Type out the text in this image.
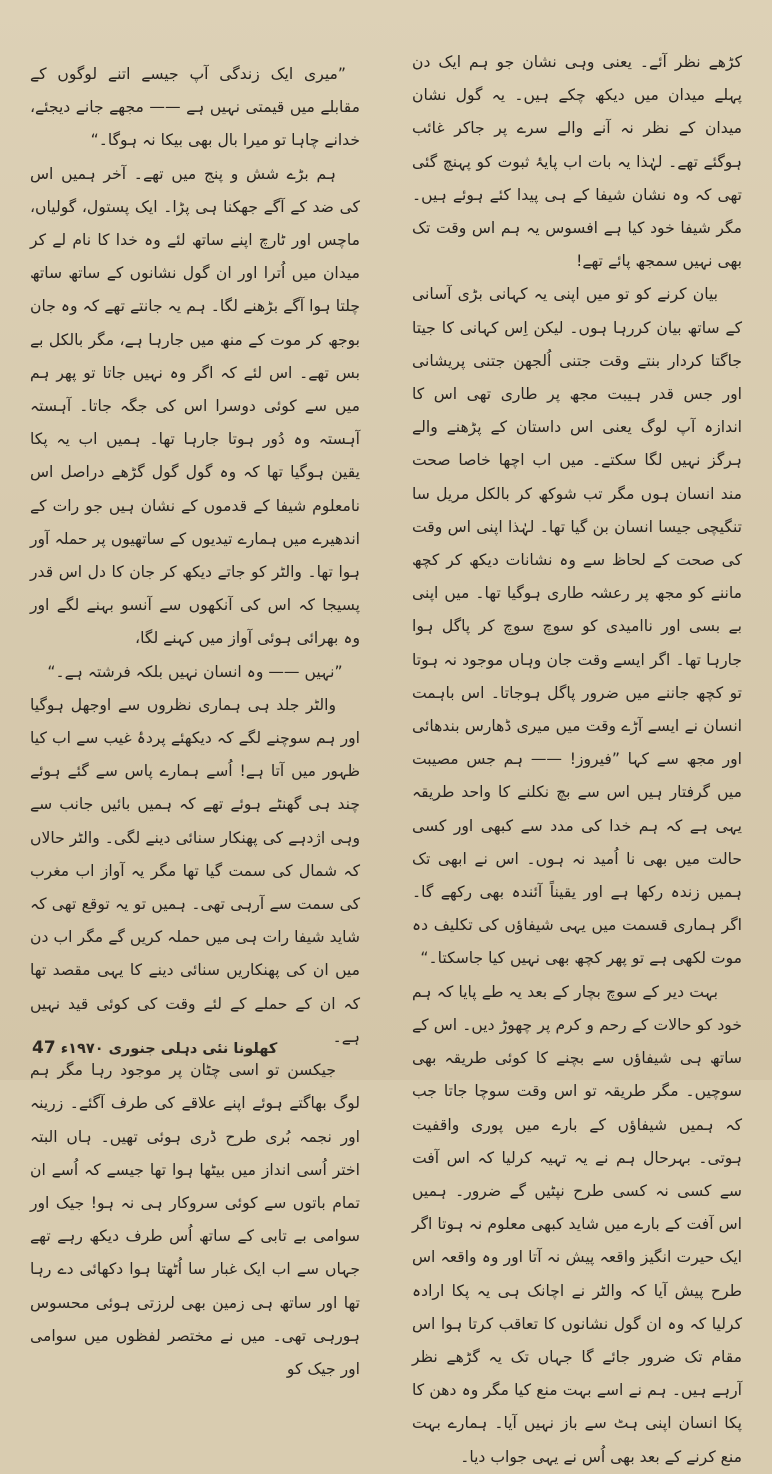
کڑھے نظر آئے۔ یعنی وہی نشان جو ہم ایک دن پہلے میدان میں دیکھ چکے ہیں۔ یہ گول نشان میدان کے نظر نہ آنے والے سرے پر جاکر غائب ہوگئے تھے۔ لہٰذا یہ بات اب پایۂ ثبوت کو پہنچ گئی تھی کہ وہ نشان شیفا کے ہی پیدا کئے ہوئے ہیں۔ مگر شیفا خود کیا ہے افسوس یہ ہم اس وقت تک بھی نہیں سمجھ پائے تھے!

بیان کرنے کو تو میں اپنی یہ کہانی بڑی آسانی کے ساتھ بیان کررہا ہوں۔ لیکن اِس کہانی کا جیتا جاگتا کردار بنتے وقت جتنی اُلجھن جتنی پریشانی اور جس قدر ہیبت مجھ پر طاری تھی اس کا اندازہ آپ لوگ یعنی اس داستان کے پڑھنے والے ہرگز نہیں لگا سکتے۔ میں اب اچھا خاصا صحت مند انسان ہوں مگر تب شوکھ کر بالکل مریل سا تنگیچی جیسا انسان بن گیا تھا۔ لہٰذا اپنی اس وقت کی صحت کے لحاظ سے وہ نشانات دیکھ کر کچھ ماننے کو مجھ پر رعشہ طاری ہوگیا تھا۔ میں اپنی بے بسی اور ناامیدی کو سوچ سوچ کر پاگل ہوا جارہا تھا۔ اگر ایسے وقت جان وہاں موجود نہ ہوتا تو کچھ جاننے میں ضرور پاگل ہوجاتا۔ اس باہمت انسان نے ایسے آڑے وقت میں میری ڈھارس بندھائی اور مجھ سے کہا ”فیروز! —— ہم جس مصیبت میں گرفتار ہیں اس سے بچ نکلنے کا واحد طریقہ یہی ہے کہ ہم خدا کی مدد سے کبھی اور کسی حالت میں بھی نا اُمید نہ ہوں۔ اس نے ابھی تک ہمیں زندہ رکھا ہے اور یقیناً آئندہ بھی رکھے گا۔ اگر ہماری قسمت میں یہی شیفاؤں کی تکلیف دہ موت لکھی ہے تو پھر کچھ بھی نہیں کیا جاسکتا۔“

بہت دیر کے سوچ بچار کے بعد یہ طے پایا کہ ہم خود کو حالات کے رحم و کرم پر چھوڑ دیں۔ اس کے ساتھ ہی شیفاؤں سے بچنے کا کوئی طریقہ بھی سوچیں۔ مگر طریقہ تو اس وقت سوچا جاتا جب کہ ہمیں شیفاؤں کے بارے میں پوری واقفیت ہوتی۔ بہرحال ہم نے یہ تہیہ کرلیا کہ اس آفت سے کسی نہ کسی طرح نپٹیں گے ضرور۔ ہمیں اس آفت کے بارے میں شاید کبھی معلوم نہ ہوتا اگر ایک حیرت انگیز واقعہ پیش نہ آتا اور وہ واقعہ اس طرح پیش آیا کہ والٹر نے اچانک ہی یہ پکا ارادہ کرلیا کہ وہ ان گول نشانوں کا تعاقب کرتا ہوا اس مقام تک ضرور جائے گا جہاں تک یہ گڑھے نظر آرہے ہیں۔ ہم نے اسے بہت منع کیا مگر وہ دھن کا پکا انسان اپنی ہٹ سے باز نہیں آیا۔ ہمارے بہت منع کرنے کے بعد بھی اُس نے یہی جواب دیا۔

”میری ایک زندگی آپ جیسے اتنے لوگوں کے مقابلے میں قیمتی نہیں ہے —— مجھے جانے دیجئے، خدانے چاہا تو میرا بال بھی بیکا نہ ہوگا۔“

ہم بڑے شش و پنج میں تھے۔ آخر ہمیں اس کی ضد کے آگے جھکنا ہی پڑا۔ ایک پستول، گولیاں، ماچس اور ٹارچ اپنے ساتھ لئے وہ خدا کا نام لے کر میدان میں اُترا اور ان گول نشانوں کے ساتھ ساتھ چلتا ہوا آگے بڑھنے لگا۔ ہم یہ جانتے تھے کہ وہ جان بوجھ کر موت کے منھ میں جارہا ہے، مگر بالکل بے بس تھے۔ اس لئے کہ اگر وہ نہیں جاتا تو پھر ہم میں سے کوئی دوسرا اس کی جگہ جاتا۔ آہستہ آہستہ وہ دُور ہوتا جارہا تھا۔ ہمیں اب یہ پکا یقین ہوگیا تھا کہ وہ گول گول گڑھے دراصل اس نامعلوم شیفا کے قدموں کے نشان ہیں جو رات کے اندھیرے میں ہمارے تیدیوں کے ساتھیوں پر حملہ آور ہوا تھا۔ والٹر کو جاتے دیکھ کر جان کا دل اس قدر پسیجا کہ اس کی آنکھوں سے آنسو بہنے لگے اور وہ بھرائی ہوئی آواز میں کہنے لگا،

”نہیں —— وہ انسان نہیں بلکہ فرشتہ ہے۔“

والٹر جلد ہی ہماری نظروں سے اوجھل ہوگیا اور ہم سوچنے لگے کہ دیکھئے پردۂ غیب سے اب کیا ظہور میں آتا ہے! اُسے ہمارے پاس سے گئے ہوئے چند ہی گھنٹے ہوئے تھے کہ ہمیں بائیں جانب سے وہی اژدہے کی پھنکار سنائی دینے لگی۔ والٹر حالاں کہ شمال کی سمت گیا تھا مگر یہ آواز اب مغرب کی سمت سے آرہی تھی۔ ہمیں تو یہ توقع تھی کہ شاید شیفا رات ہی میں حملہ کریں گے مگر اب دن میں ان کی پھنکاریں سنائی دینے کا یہی مقصد تھا کہ ان کے حملے کے لئے وقت کی کوئی قید نہیں ہے۔

جیکسن تو اسی چٹان پر موجود رہا مگر ہم لوگ بھاگتے ہوئے اپنے علاقے کی طرف آگئے۔ زرینہ اور نجمہ بُری طرح ڈری ہوئی تھیں۔ ہاں البتہ اختر اُسی انداز میں بیٹھا ہوا تھا جیسے کہ اُسے ان تمام باتوں سے کوئی سروکار ہی نہ ہو! جیک اور سوامی بے تابی کے ساتھ اُس طرف دیکھ رہے تھے جہاں سے اب ایک غبار سا اُٹھتا ہوا دکھائی دے رہا تھا اور ساتھ ہی زمین بھی لرزتی ہوئی محسوس ہورہی تھی۔ میں نے مختصر لفظوں میں سوامی اور جیک کو

کھلونا نئی دہلی جنوری ۱۹۷۰ء 47
